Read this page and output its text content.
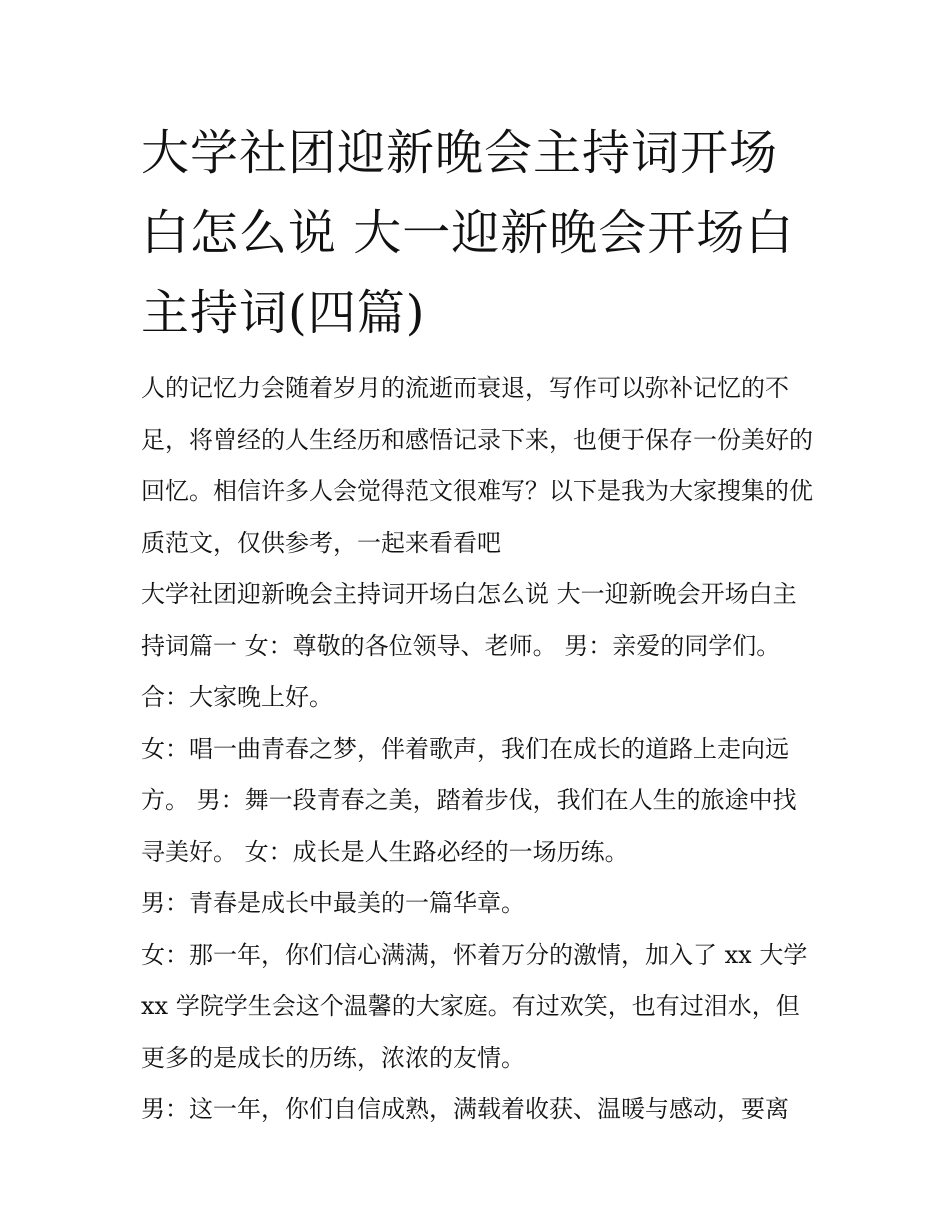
大学社团迎新晚会主持词开场白怎么说 大一迎新晚会开场白主持词(四篇)

人的记忆力会随着岁月的流逝而衰退，写作可以弥补记忆的不足，将曾经的人生经历和感悟记录下来，也便于保存一份美好的回忆。相信许多人会觉得范文很难写？以下是我为大家搜集的优质范文，仅供参考，一起来看看吧

大学社团迎新晚会主持词开场白怎么说 大一迎新晚会开场白主持词篇一 女：尊敬的各位领导、老师。 男：亲爱的同学们。 合：大家晚上好。

女：唱一曲青春之梦，伴着歌声，我们在成长的道路上走向远方。 男：舞一段青春之美，踏着步伐，我们在人生的旅途中找寻美好。 女：成长是人生路必经的一场历练。

男：青春是成长中最美的一篇华章。

女：那一年，你们信心满满，怀着万分的激情，加入了 xx 大学 xx 学院学生会这个温馨的大家庭。有过欢笑，也有过泪水，但更多的是成长的历练，浓浓的友情。

男：这一年，你们自信成熟，满载着收获、温暖与感动，要离
